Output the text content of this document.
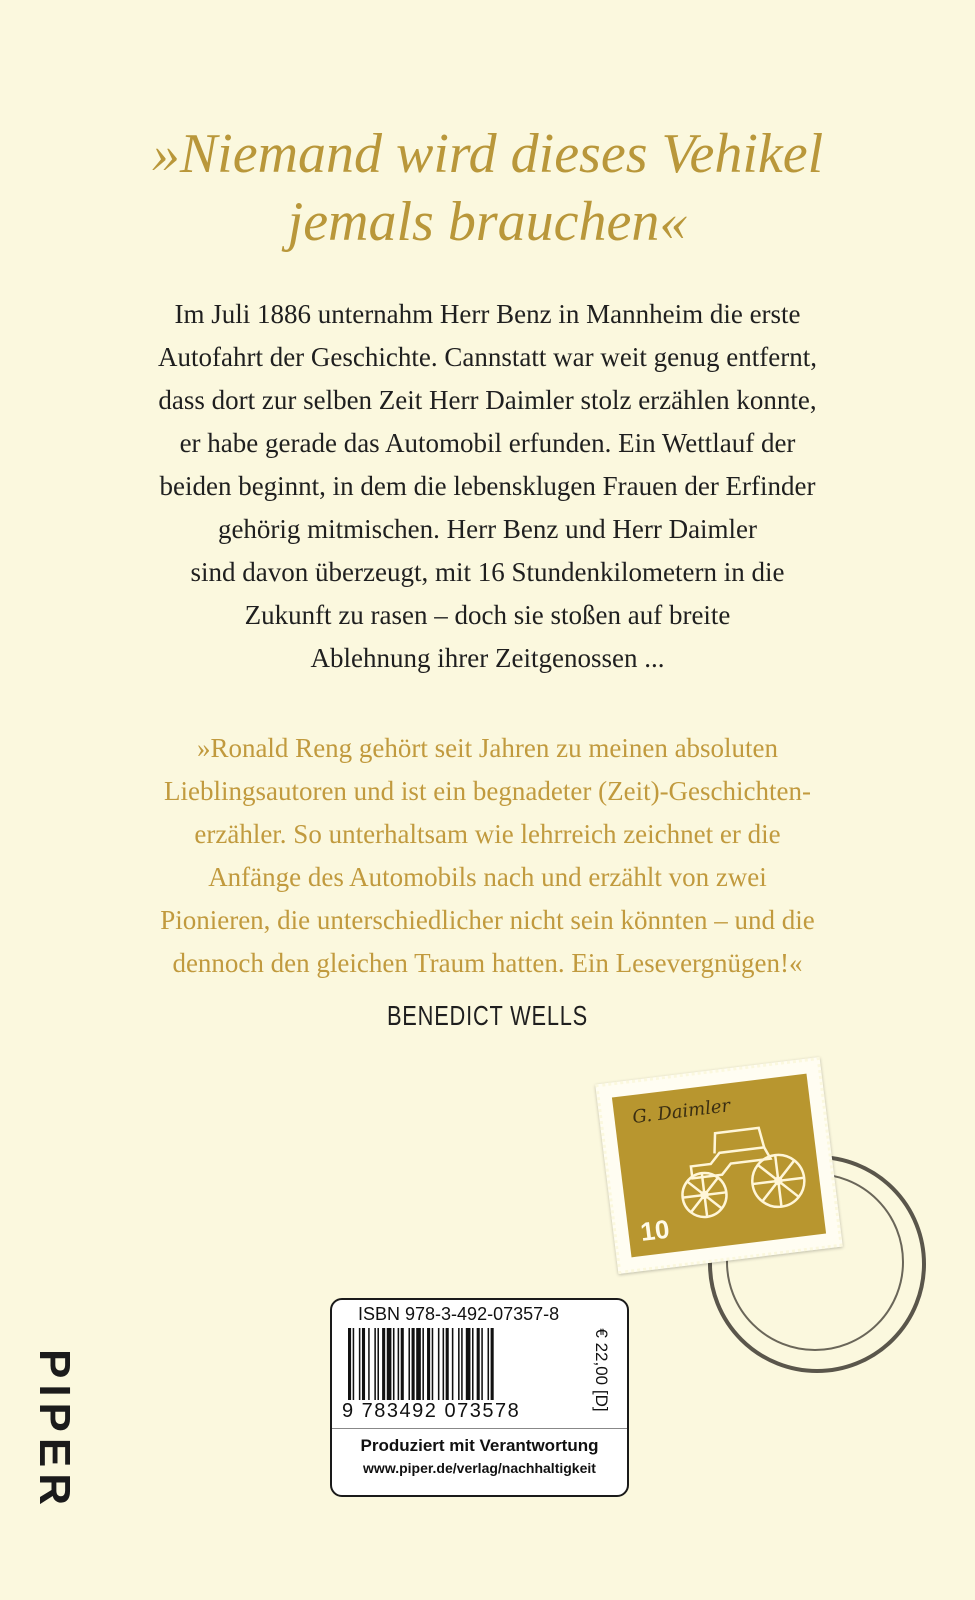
»Niemand wird dieses Vehikel
jemals brauchen«
Im Juli 1886 unternahm Herr Benz in Mannheim die erste
Autofahrt der Geschichte. Cannstatt war weit genug entfernt,
dass dort zur selben Zeit Herr Daimler stolz erzählen konnte,
er habe gerade das Automobil erfunden. Ein Wettlauf der
beiden beginnt, in dem die lebensklugen Frauen der Erfinder
gehörig mitmischen. Herr Benz und Herr Daimler
sind davon überzeugt, mit 16 Stundenkilometern in die
Zukunft zu rasen – doch sie stoßen auf breite
Ablehnung ihrer Zeitgenossen ...
»Ronald Reng gehört seit Jahren zu meinen absoluten
Lieblingsautoren und ist ein begnadeter (Zeit)-Geschichten-
erzähler. So unterhaltsam wie lehrreich zeichnet er die
Anfänge des Automobils nach und erzählt von zwei
Pionieren, die unterschiedlicher nicht sein könnten – und die
dennoch den gleichen Traum hatten. Ein Lesevergnügen!«
BENEDICT WELLS
G. Daimler
10
PIPER
ISBN 978-3-492-07357-8
9 783492 073578	€ 22,00 [D]
Produziert mit Verantwortung
www.piper.de/verlag/nachhaltigkeit
